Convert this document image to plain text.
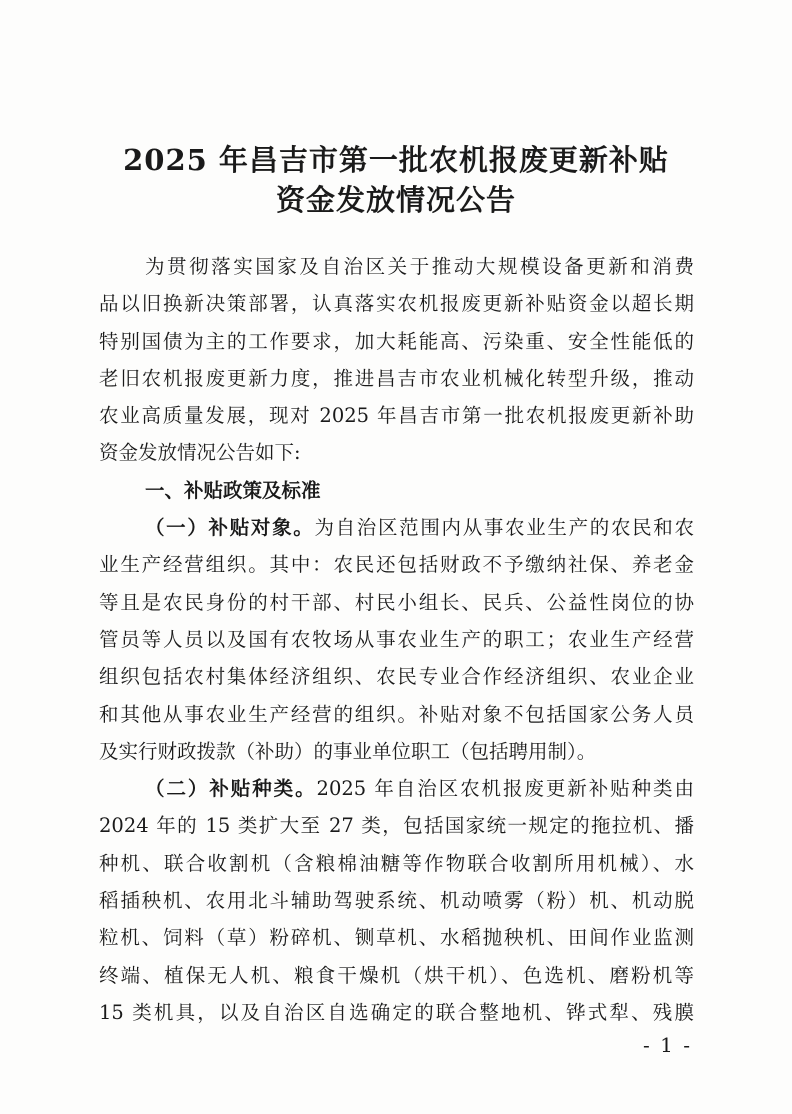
2025 年昌吉市第一批农机报废更新补贴
资金发放情况公告
为贯彻落实国家及自治区关于推动大规模设备更新和消费
品以旧换新决策部署，认真落实农机报废更新补贴资金以超长期
特别国债为主的工作要求，加大耗能高、污染重、安全性能低的
老旧农机报废更新力度，推进昌吉市农业机械化转型升级，推动
农业高质量发展，现对 2025 年昌吉市第一批农机报废更新补助
资金发放情况公告如下:
一、补贴政策及标准
（一）补贴对象。为自治区范围内从事农业生产的农民和农
业生产经营组织。其中：农民还包括财政不予缴纳社保、养老金
等且是农民身份的村干部、村民小组长、民兵、公益性岗位的协
管员等人员以及国有农牧场从事农业生产的职工；农业生产经营
组织包括农村集体经济组织、农民专业合作经济组织、农业企业
和其他从事农业生产经营的组织。补贴对象不包括国家公务人员
及实行财政拨款（补助）的事业单位职工（包括聘用制）。
（二）补贴种类。2025 年自治区农机报废更新补贴种类由
2024 年的 15 类扩大至 27 类，包括国家统一规定的拖拉机、播
种机、联合收割机（含粮棉油糖等作物联合收割所用机械）、水
稻插秧机、农用北斗辅助驾驶系统、机动喷雾（粉）机、机动脱
粒机、饲料（草）粉碎机、铡草机、水稻抛秧机、田间作业监测
终端、植保无人机、粮食干燥机（烘干机）、色选机、磨粉机等
15 类机具，以及自治区自选确定的联合整地机、铧式犁、残膜
- 1 -
